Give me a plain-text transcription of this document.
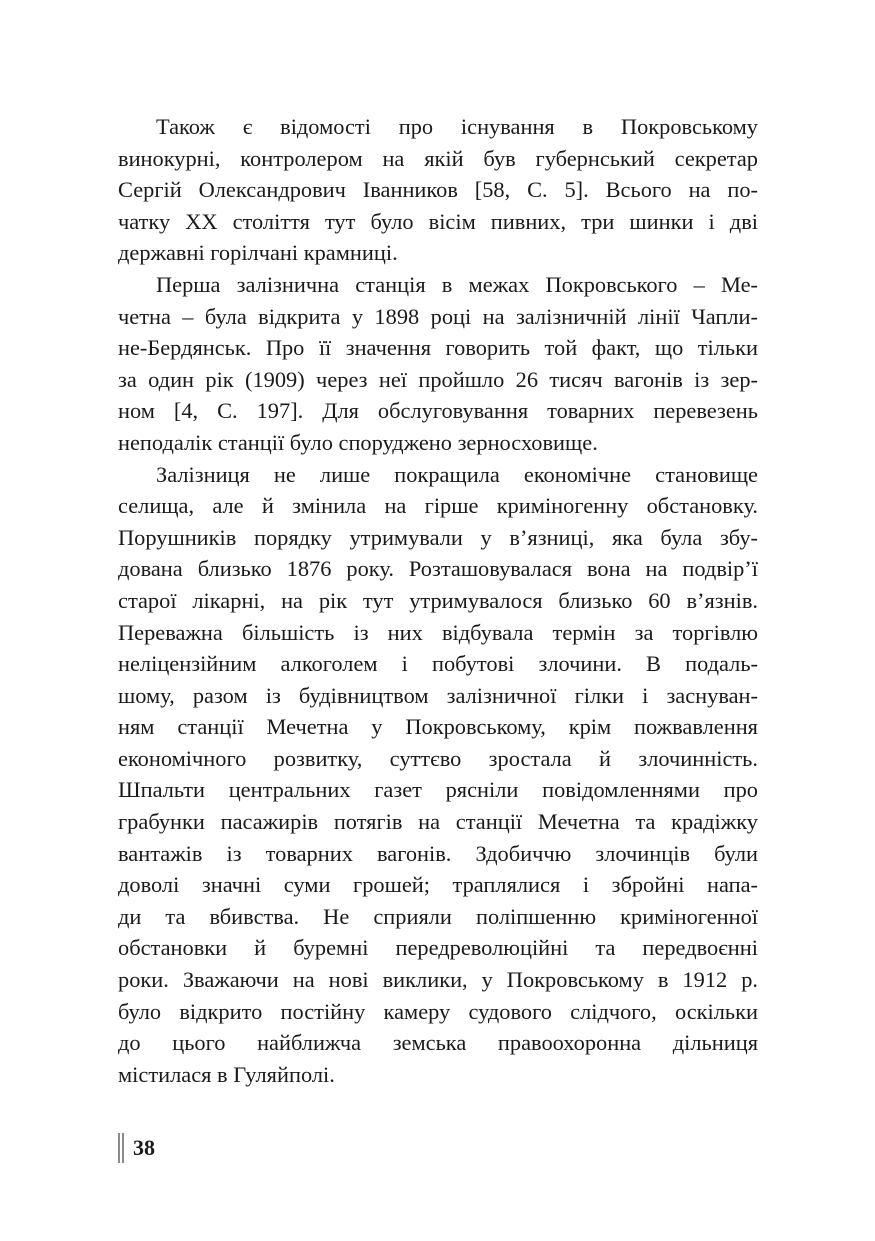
Також є відомості про існування в Покровському
винокурні, контролером на якій був губернський секретар
Сергій Олександрович Іванников [58, С. 5]. Всього на по-
чатку ХХ століття тут було вісім пивних, три шинки і дві
державні горілчані крамниці.

Перша залізнична станція в межах Покровського – Ме-
четна – була відкрита у 1898 році на залізничній лінії Чапли-
не-Бердянськ. Про її значення говорить той факт, що тільки
за один рік (1909) через неї пройшло 26 тисяч вагонів із зер-
ном [4, С. 197]. Для обслуговування товарних перевезень
неподалік станції було споруджено зерносховище.

Залізниця не лише покращила економічне становище
селища, але й змінила на гірше криміногенну обстановку.
Порушників порядку утримували у в’язниці, яка була збу-
дована близько 1876 року. Розташовувалася вона на подвір’ї
старої лікарні, на рік тут утримувалося близько 60 в’язнів.
Переважна більшість із них відбувала термін за торгівлю
неліцензійним алкоголем і побутові злочини. В подаль-
шому, разом із будівництвом залізничної гілки і заснуван-
ням станції Мечетна у Покровському, крім пожвавлення
економічного розвитку, суттєво зростала й злочинність.
Шпальти центральних газет рясніли повідомленнями про
грабунки пасажирів потягів на станції Мечетна та крадіжку
вантажів із товарних вагонів. Здобиччю злочинців були
доволі значні суми грошей; траплялися і збройні напа-
ди та вбивства. Не сприяли поліпшенню криміногенної
обстановки й буремні передреволюційні та передвоєнні
роки. Зважаючи на нові виклики, у Покровському в 1912 р.
було відкрито постійну камеру судового слідчого, оскільки
до цього найближча земська правоохоронна дільниця
містилася в Гуляйполі.

38
